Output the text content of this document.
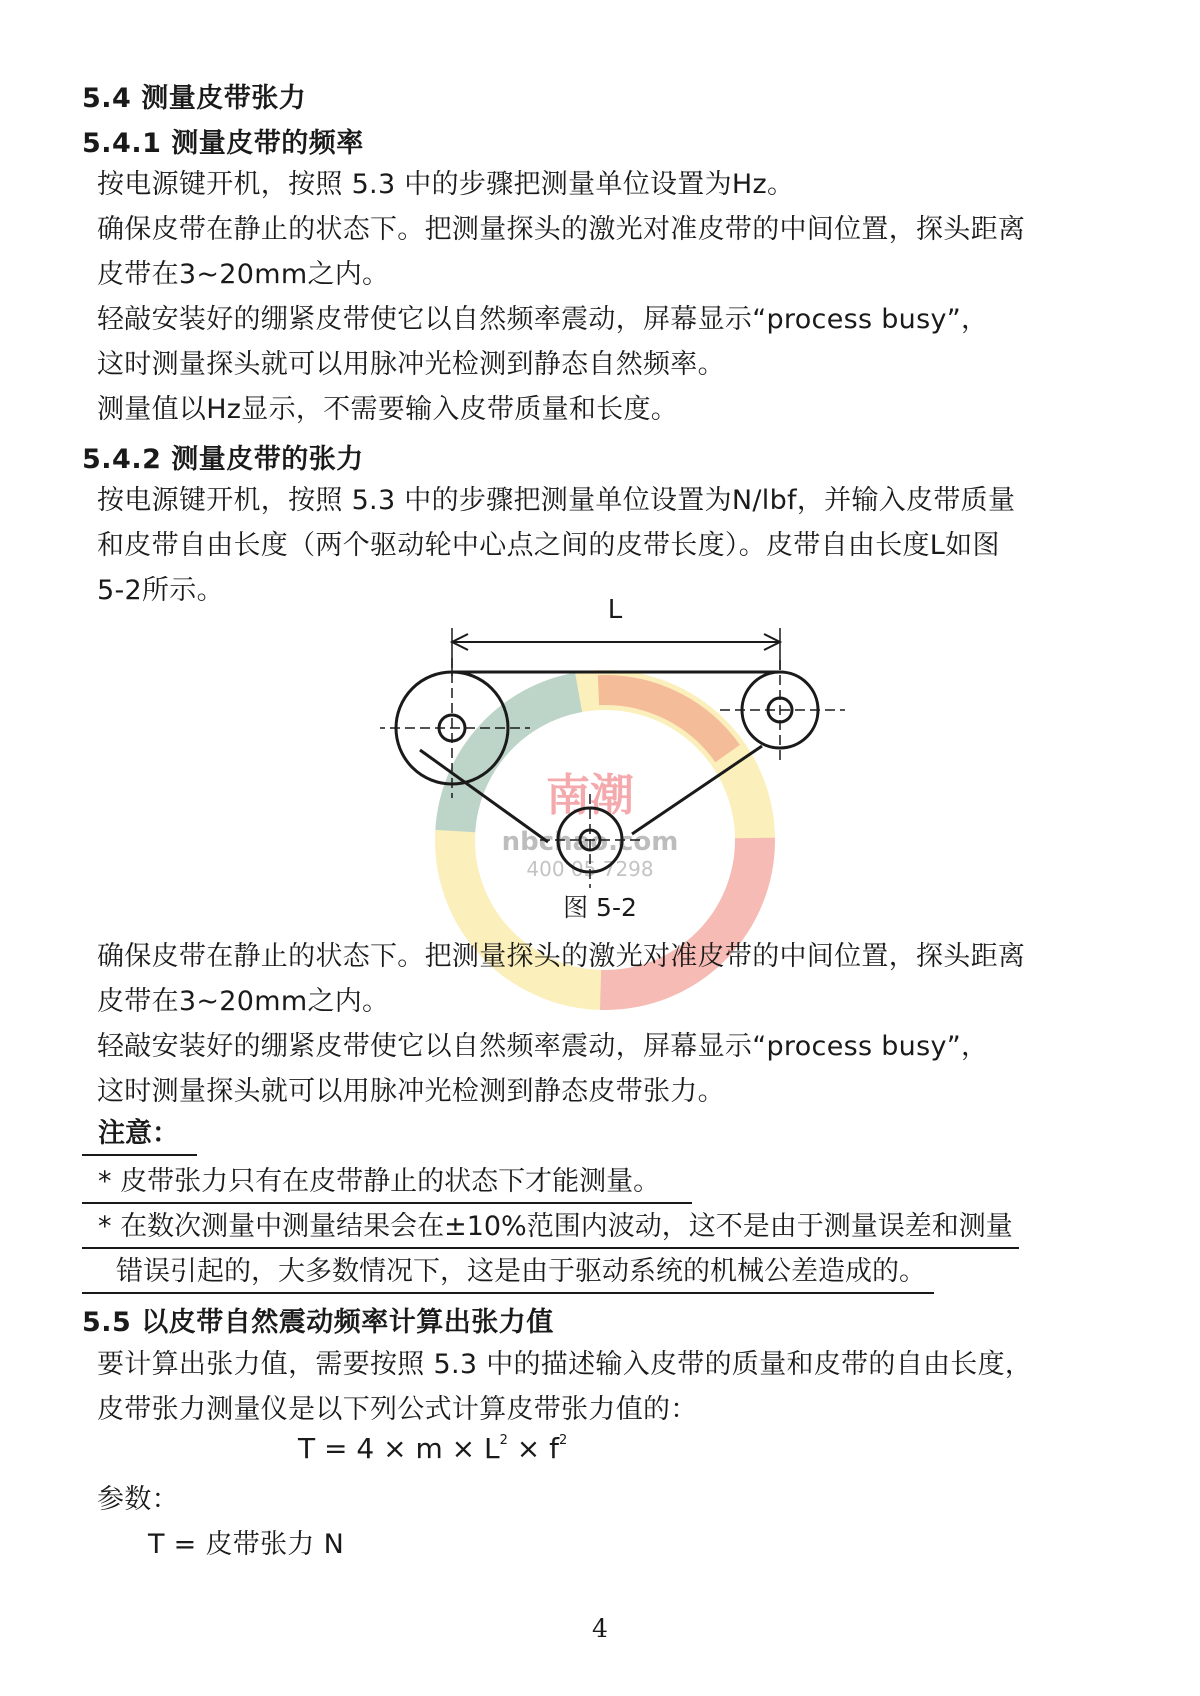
南潮
nbchao.com
400 05 7298
5.4 测量皮带张力
5.4.1 测量皮带的频率
按电源键开机，按照 5.3 中的步骤把测量单位设置为Hz。
确保皮带在静止的状态下。把测量探头的激光对准皮带的中间位置，探头距离
皮带在3~20mm之内。
轻敲安装好的绷紧皮带使它以自然频率震动，屏幕显示“process busy”，
这时测量探头就可以用脉冲光检测到静态自然频率。
测量值以Hz显示，不需要输入皮带质量和长度。
5.4.2 测量皮带的张力
按电源键开机，按照 5.3 中的步骤把测量单位设置为N/lbf，并输入皮带质量
和皮带自由长度（两个驱动轮中心点之间的皮带长度）。皮带自由长度L如图
5-2所示。
L
图 5-2
确保皮带在静止的状态下。把测量探头的激光对准皮带的中间位置，探头距离
皮带在3~20mm之内。
轻敲安装好的绷紧皮带使它以自然频率震动，屏幕显示“process busy”，
这时测量探头就可以用脉冲光检测到静态皮带张力。
注意：
* 皮带张力只有在皮带静止的状态下才能测量。
* 在数次测量中测量结果会在±10%范围内波动，这不是由于测量误差和测量
错误引起的，大多数情况下，这是由于驱动系统的机械公差造成的。
5.5 以皮带自然震动频率计算出张力值
要计算出张力值，需要按照 5.3 中的描述输入皮带的质量和皮带的自由长度，
皮带张力测量仪是以下列公式计算皮带张力值的：
$T = 4 \times m \times L^2 \times f^2$
参数：
T = 皮带张力 N
4
